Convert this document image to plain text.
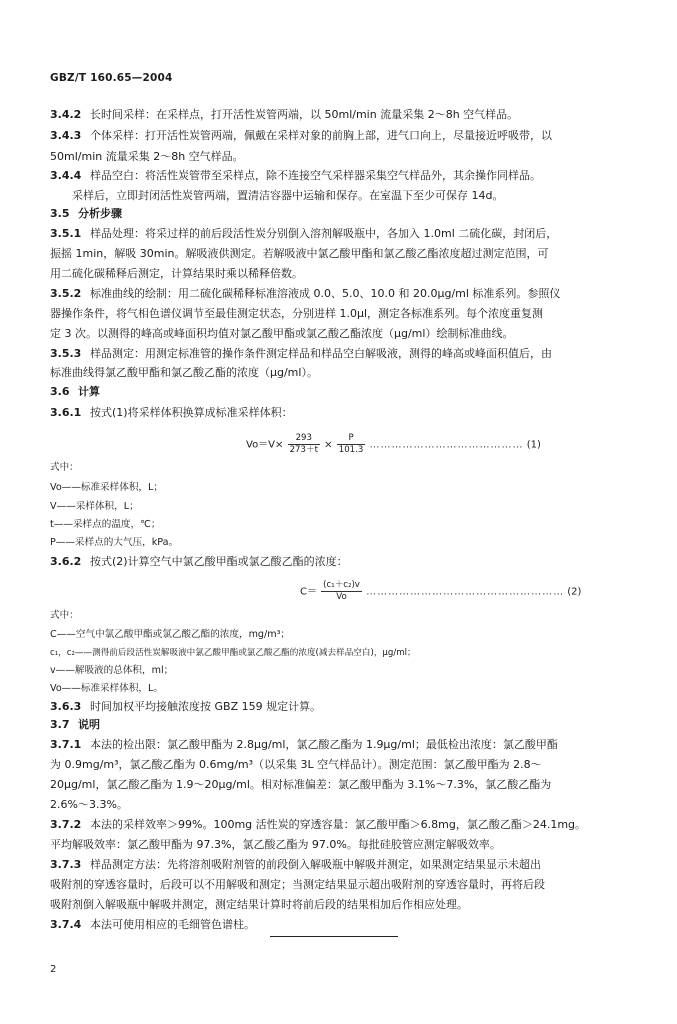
GBZ/T 160.65—2004
3.4.2 长时间采样：在采样点，打开活性炭管两端，以 50ml/min 流量采集 2～8h 空气样品。
3.4.3 个体采样：打开活性炭管两端，佩戴在采样对象的前胸上部，进气口向上，尽量接近呼吸带，以
50ml/min 流量采集 2～8h 空气样品。
3.4.4 样品空白：将活性炭管带至采样点，除不连接空气采样器采集空气样品外，其余操作同样品。
采样后，立即封闭活性炭管两端，置清洁容器中运输和保存。在室温下至少可保存 14d。
3.5 分析步骤
3.5.1 样品处理：将采过样的前后段活性炭分别倒入溶剂解吸瓶中，各加入 1.0ml 二硫化碳，封闭后，
振摇 1min，解吸 30min。解吸液供测定。若解吸液中氯乙酸甲酯和氯乙酸乙酯浓度超过测定范围，可
用二硫化碳稀释后测定，计算结果时乘以稀释倍数。
3.5.2 标准曲线的绘制：用二硫化碳稀释标准溶液成 0.0、5.0、10.0 和 20.0μg/ml 标准系列。参照仪
器操作条件，将气相色谱仪调节至最佳测定状态，分别进样 1.0μl，测定各标准系列。每个浓度重复测
定 3 次。以测得的峰高或峰面积均值对氯乙酸甲酯或氯乙酸乙酯浓度（μg/ml）绘制标准曲线。
3.5.3 样品测定：用测定标准管的操作条件测定样品和样品空白解吸液，测得的峰高或峰面积值后，由
标准曲线得氯乙酸甲酯和氯乙酸乙酯的浓度（μg/ml）。
3.6 计算
3.6.1 按式(1)将采样体积换算成标准采样体积：
$Vo=V\times \frac{293}{273+t} \times \frac{P}{101.3}$ …………………………………… (1)
式中：
Vo——标准采样体积，L；
V——采样体积，L；
t——采样点的温度，℃；
P——采样点的大气压，kPa。
3.6.2 按式(2)计算空气中氯乙酸甲酯或氯乙酸乙酯的浓度：
$C= \frac{\text{(c₁＋c₂)v}}{Vo}$ ……………………………………………… (2)
式中：
C——空气中氯乙酸甲酯或氯乙酸乙酯的浓度，mg/m³；
c₁，c₂——测得前后段活性炭解吸液中氯乙酸甲酯或氯乙酸乙酯的浓度(减去样品空白)，μg/ml；
v——解吸液的总体积，ml；
Vo——标准采样体积，L。
3.6.3 时间加权平均接触浓度按 GBZ 159 规定计算。
3.7 说明
3.7.1 本法的检出限：氯乙酸甲酯为 2.8μg/ml，氯乙酸乙酯为 1.9μg/ml；最低检出浓度：氯乙酸甲酯
为 0.9mg/m³，氯乙酸乙酯为 0.6mg/m³（以采集 3L 空气样品计）。测定范围：氯乙酸甲酯为 2.8～
20μg/ml，氯乙酸乙酯为 1.9～20μg/ml。相对标准偏差：氯乙酸甲酯为 3.1%～7.3%，氯乙酸乙酯为
2.6%～3.3%。
3.7.2 本法的采样效率＞99%。100mg 活性炭的穿透容量：氯乙酸甲酯＞6.8mg，氯乙酸乙酯＞24.1mg。
平均解吸效率：氯乙酸甲酯为 97.3%，氯乙酸乙酯为 97.0%。每批硅胶管应测定解吸效率。
3.7.3 样品测定方法：先将溶剂吸附剂管的前段倒入解吸瓶中解吸并测定，如果测定结果显示未超出
吸附剂的穿透容量时，后段可以不用解吸和测定；当测定结果显示超出吸附剂的穿透容量时，再将后段
吸附剂倒入解吸瓶中解吸并测定，测定结果计算时将前后段的结果相加后作相应处理。
3.7.4 本法可使用相应的毛细管色谱柱。
2
